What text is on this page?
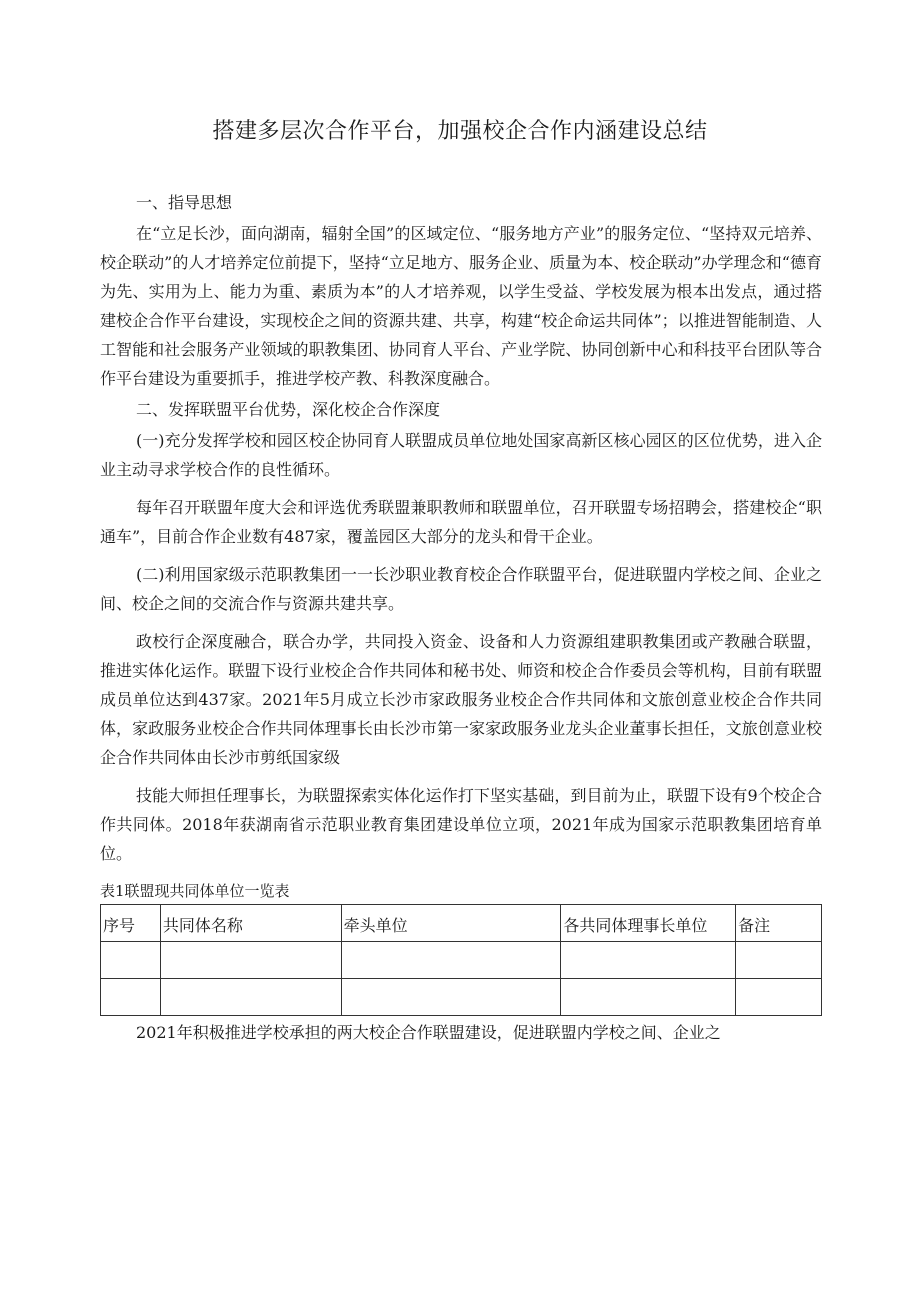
搭建多层次合作平台，加强校企合作内涵建设总结
一、指导思想

在“立足长沙，面向湖南，辐射全国”的区域定位、“服务地方产业”的服务定位、“坚持双元培养、校企联动”的人才培养定位前提下，坚持“立足地方、服务企业、质量为本、校企联动”办学理念和“德育为先、实用为上、能力为重、素质为本”的人才培养观，以学生受益、学校发展为根本出发点，通过搭建校企合作平台建设，实现校企之间的资源共建、共享，构建“校企命运共同体”；以推进智能制造、人工智能和社会服务产业领域的职教集团、协同育人平台、产业学院、协同创新中心和科技平台团队等合作平台建设为重要抓手，推进学校产教、科教深度融合。

二、发挥联盟平台优势，深化校企合作深度

(一)充分发挥学校和园区校企协同育人联盟成员单位地处国家高新区核心园区的区位优势，进入企业主动寻求学校合作的良性循环。

每年召开联盟年度大会和评选优秀联盟兼职教师和联盟单位，召开联盟专场招聘会，搭建校企“职通车”，目前合作企业数有487家，覆盖园区大部分的龙头和骨干企业。

(二)利用国家级示范职教集团一一长沙职业教育校企合作联盟平台，促进联盟内学校之间、企业之间、校企之间的交流合作与资源共建共享。

政校行企深度融合，联合办学，共同投入资金、设备和人力资源组建职教集团或产教融合联盟，推进实体化运作。联盟下设行业校企合作共同体和秘书处、师资和校企合作委员会等机构，目前有联盟成员单位达到437家。2021年5月成立长沙市家政服务业校企合作共同体和文旅创意业校企合作共同体，家政服务业校企合作共同体理事长由长沙市第一家家政服务业龙头企业董事长担任，文旅创意业校企合作共同体由长沙市剪纸国家级

技能大师担任理事长，为联盟探索实体化运作打下坚实基础，到目前为止，联盟下设有9个校企合作共同体。2018年获湖南省示范职业教育集团建设单位立项，2021年成为国家示范职教集团培育单位。

表1联盟现共同体单位一览表

序号	共同体名称	牵头单位	各共同体理事长单位	备注

2021年积极推进学校承担的两大校企合作联盟建设，促进联盟内学校之间、企业之
